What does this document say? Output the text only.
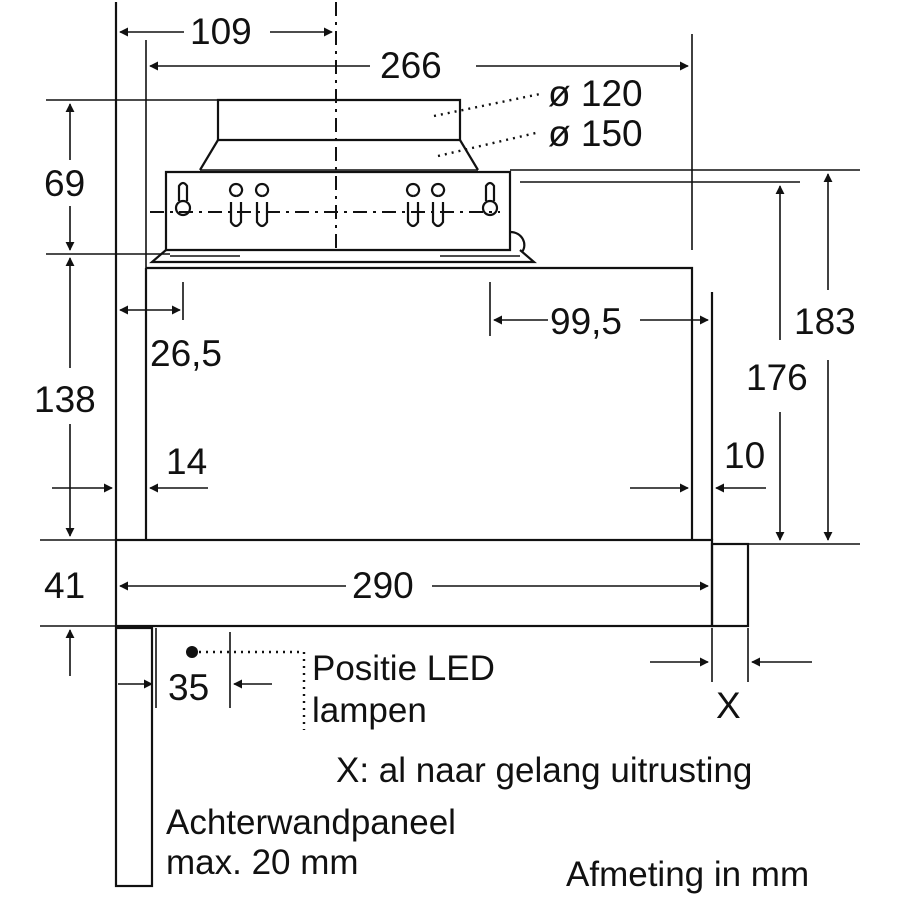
109
266
ø 120
ø 150
69
26,5
99,5	183
176
138
14	10
290
41
35	X
Positie LED
lampen
X: al naar gelang uitrusting
Achterwandpaneel
max. 20 mm	Afmeting in mm
